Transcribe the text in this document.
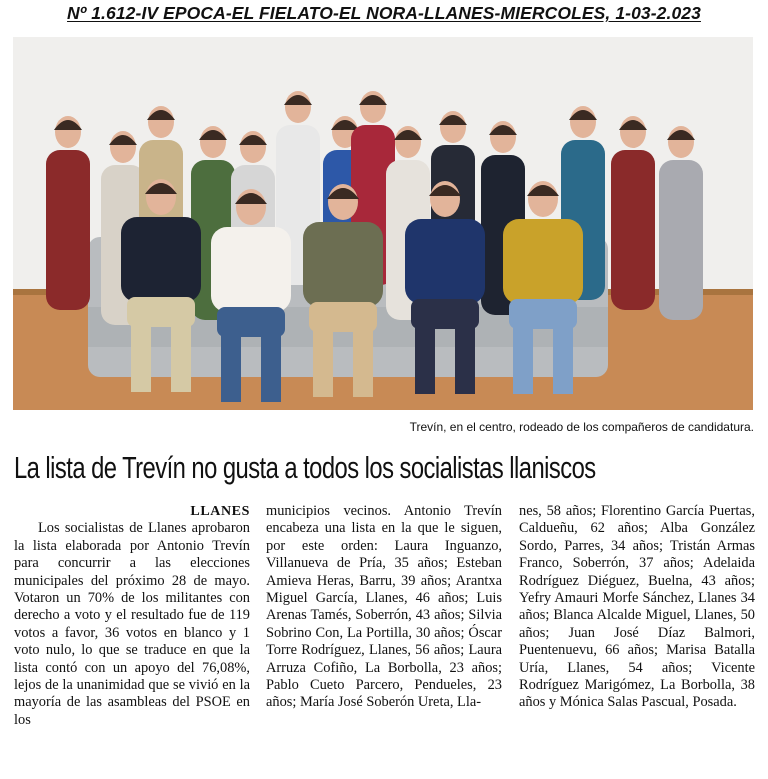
Nº 1.612-IV EPOCA-EL FIELATO-EL NORA-LLANES-MIERCOLES, 1-03-2.023
Trevín, en el centro, rodeado de los compañeros de candidatura.
La lista de Trevín no gusta a todos los socialistas llaniscos
LLANES

Los socialistas de Llanes aprobaron la lista elaborada por Antonio Trevín para concurrir a las elecciones municipales del próximo 28 de mayo. Votaron un 70% de los militantes con derecho a voto y el resultado fue de 119 votos a favor, 36 votos en blanco y 1 voto nulo, lo que se traduce en que la lista contó con un apoyo del 76,08%, lejos de la unanimidad que se vivió en la mayoría de las asambleas del PSOE en los

municipios vecinos. Antonio Trevín encabeza una lista en la que le siguen, por este orden: Laura Inguanzo, Villanueva de Pría, 35 años; Esteban Amieva Heras, Barru, 39 años; Arantxa Miguel García, Llanes, 46 años; Luis Arenas Tamés, Soberrón, 43 años; Silvia Sobrino Con, La Portilla, 30 años; Óscar Torre Rodríguez, Llanes, 56 años; Laura Arruza Cofiño, La Borbolla, 23 años; Pablo Cueto Parcero, Pendueles, 23 años; María José Soberón Ureta, Lla-

nes, 58 años; Florentino García Puertas, Caldueñu, 62 años; Alba González Sordo, Parres, 34 años; Tristán Armas Franco, Soberrón, 37 años; Adelaida Rodríguez Diéguez, Buelna, 43 años; Yefry Amauri Morfe Sánchez, Llanes 34 años; Blanca Alcalde Miguel, Llanes, 50 años; Juan José Díaz Balmori, Puentenuevu, 66 años; Marisa Batalla Uría, Llanes, 54 años; Vicente Rodríguez Marigómez, La Borbolla, 38 años y Mónica Salas Pascual, Posada.
